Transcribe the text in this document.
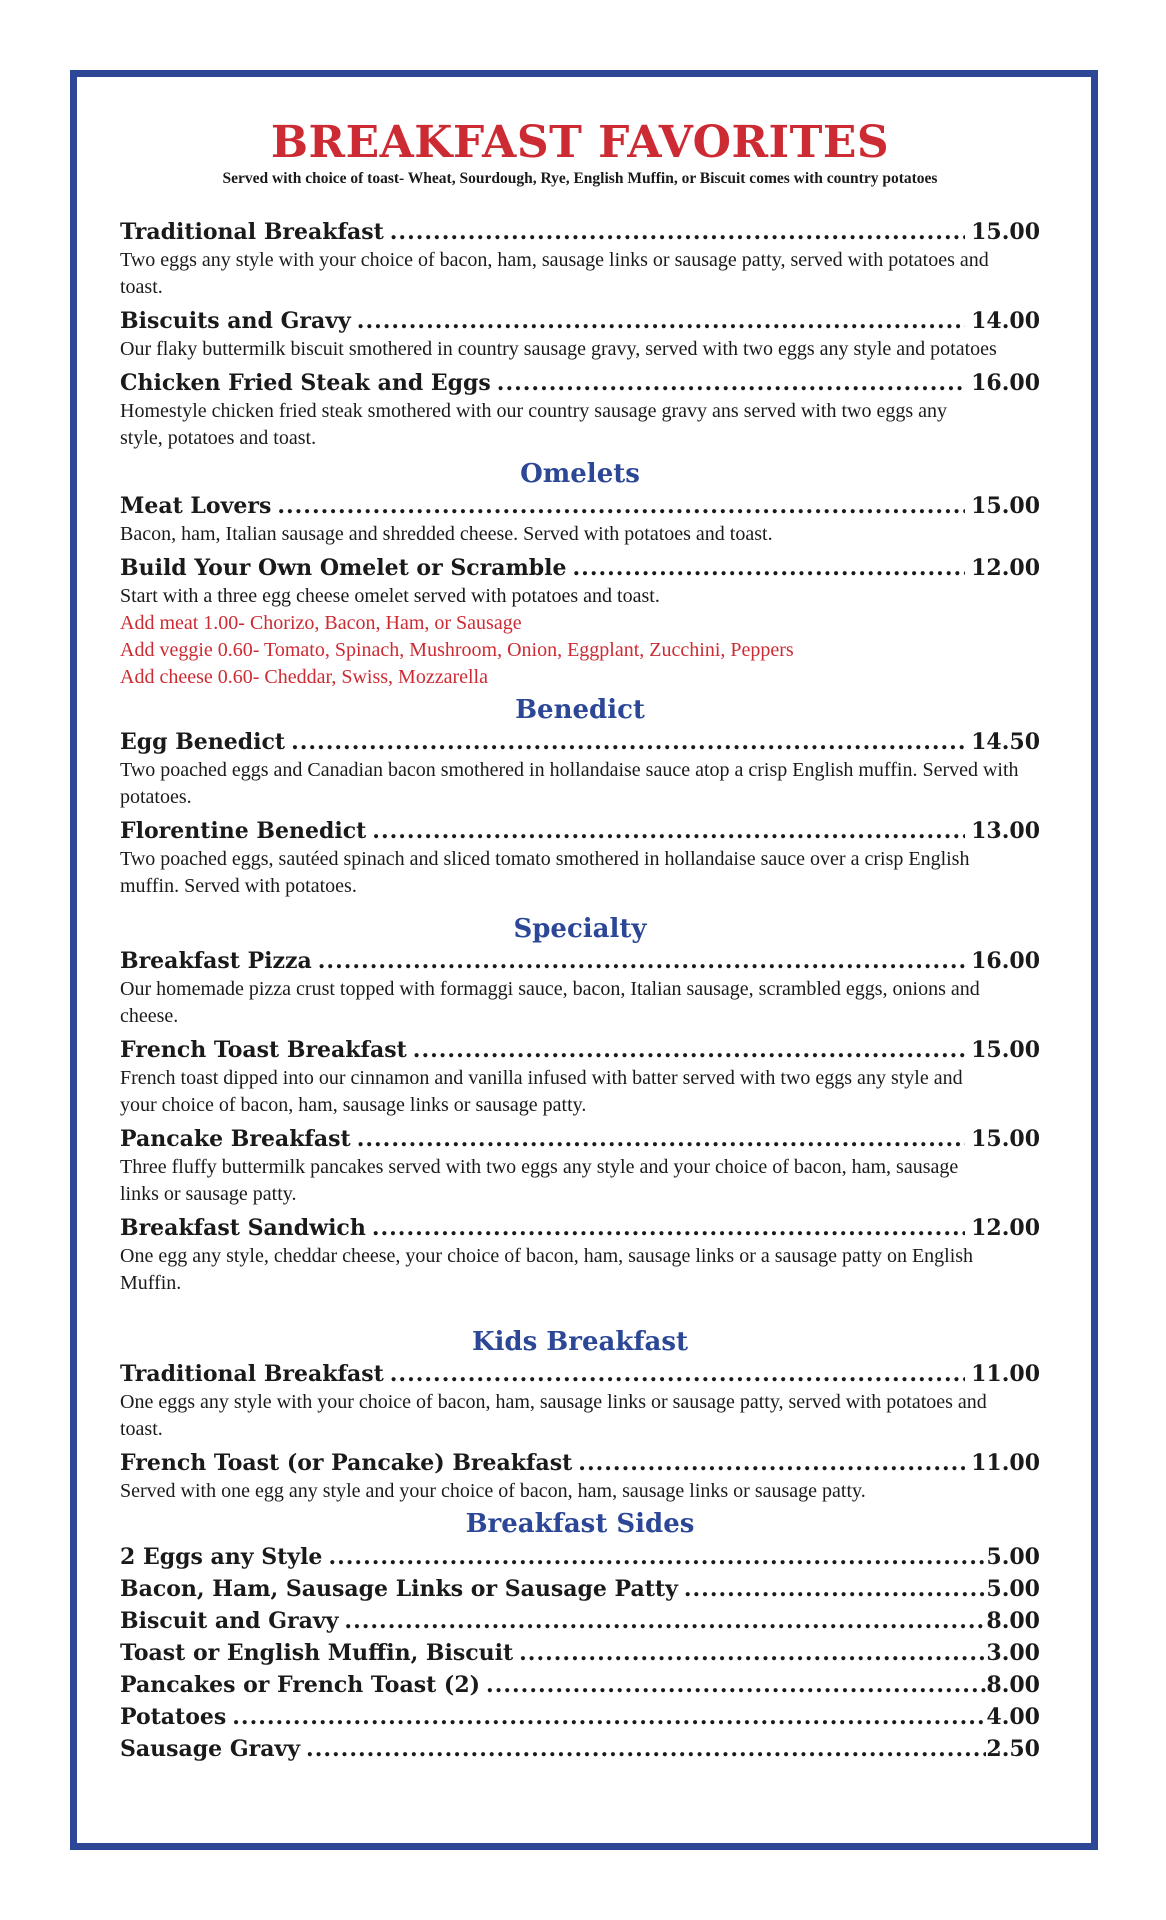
BREAKFAST FAVORITES
Served with choice of toast- Wheat, Sourdough, Rye, English Muffin, or Biscuit comes with country potatoes
Traditional Breakfast .....	15.00
Two eggs any style with your choice of bacon, ham, sausage links or sausage patty, served with potatoes and toast.
Biscuits and Gravy .....	14.00
Our flaky buttermilk biscuit smothered in country sausage gravy, served with two eggs any style and potatoes
Chicken Fried Steak and Eggs .....	16.00
Homestyle chicken fried steak smothered with our country sausage gravy ans served with two eggs any style, potatoes and toast.
Omelets
Meat Lovers .....	15.00
Bacon, ham, Italian sausage and shredded cheese. Served with potatoes and toast.
Build Your Own Omelet or Scramble .....	12.00
Start with a three egg cheese omelet served with potatoes and toast.
Add meat 1.00- Chorizo, Bacon, Ham, or Sausage
Add veggie 0.60- Tomato, Spinach, Mushroom, Onion, Eggplant, Zucchini, Peppers
Add cheese 0.60- Cheddar, Swiss, Mozzarella
Benedict
Egg Benedict .....	14.50
Two poached eggs and Canadian bacon smothered in hollandaise sauce atop a crisp English muffin. Served with potatoes.
Florentine Benedict .....	13.00
Two poached eggs, sautéed spinach and sliced tomato smothered in hollandaise sauce over a crisp English muffin. Served with potatoes.
Specialty
Breakfast Pizza .....	16.00
Our homemade pizza crust topped with formaggi sauce, bacon, Italian sausage, scrambled eggs, onions and cheese.
French Toast Breakfast .....	15.00
French toast dipped into our cinnamon and vanilla infused with batter served with two eggs any style and your choice of bacon, ham, sausage links or sausage patty.
Pancake Breakfast .....	15.00
Three fluffy buttermilk pancakes served with two eggs any style and your choice of bacon, ham, sausage links or sausage patty.
Breakfast Sandwich .....	12.00
One egg any style, cheddar cheese, your choice of bacon, ham, sausage links or a sausage patty on English Muffin.
Kids Breakfast
Traditional Breakfast .....	11.00
One eggs any style with your choice of bacon, ham, sausage links or sausage patty, served with potatoes and toast.
French Toast (or Pancake) Breakfast .....	11.00
Served with one egg any style and your choice of bacon, ham, sausage links or sausage patty.
Breakfast Sides
2 Eggs any Style .....	5.00
Bacon, Ham, Sausage Links or Sausage Patty .....	5.00
Biscuit and Gravy .....	8.00
Toast or English Muffin, Biscuit .....	3.00
Pancakes or French Toast (2) .....	8.00
Potatoes .....	4.00
Sausage Gravy .....	2.50
